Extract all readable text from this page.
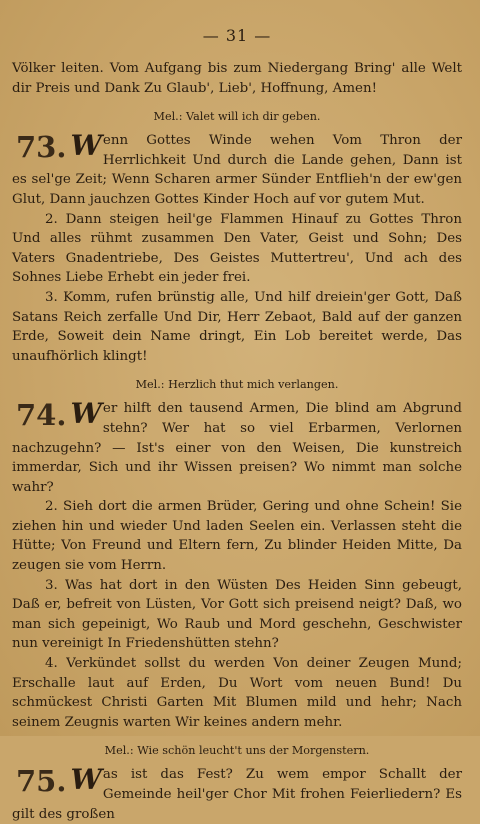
— 31 —

Völker leiten. Vom Aufgang bis zum Niedergang Bring' alle Welt dir Preis und Dank Zu Glaub', Lieb', Hoffnung, Amen!

Mel.: Valet will ich dir geben.

73. W enn Gottes Winde wehen Vom Thron der Herrlichkeit Und durch die Lande gehen, Dann ist es sel'ge Zeit; Wenn Scharen armer Sünder Entflieh'n der ew'gen Glut, Dann jauchzen Gottes Kinder Hoch auf vor gutem Mut.

2. Dann steigen heil'ge Flammen Hinauf zu Gottes Thron Und alles rühmt zusammen Den Vater, Geist und Sohn; Des Vaters Gnadentriebe, Des Geistes Muttertreu', Und ach des Sohnes Liebe Erhebt ein jeder frei.

3. Komm, rufen brünstig alle, Und hilf dreiein'ger Gott, Daß Satans Reich zerfalle Und Dir, Herr Zebaot, Bald auf der ganzen Erde, Soweit dein Name dringt, Ein Lob bereitet werde, Das unaufhörlich klingt!

Mel.: Herzlich thut mich verlangen.

74. W er hilft den tausend Armen, Die blind am Abgrund stehn? Wer hat so viel Erbarmen, Verlornen nachzugehn? — Ist's einer von den Weisen, Die kunstreich immerdar, Sich und ihr Wissen preisen? Wo nimmt man solche wahr?

2. Sieh dort die armen Brüder, Gering und ohne Schein! Sie ziehen hin und wieder Und laden Seelen ein. Verlassen steht die Hütte; Von Freund und Eltern fern, Zu blinder Heiden Mitte, Da zeugen sie vom Herrn.

3. Was hat dort in den Wüsten Des Heiden Sinn gebeugt, Daß er, befreit von Lüsten, Vor Gott sich preisend neigt? Daß, wo man sich gepeinigt, Wo Raub und Mord geschehn, Geschwister nun vereinigt In Friedenshütten stehn?

4. Verkündet sollst du werden Von deiner Zeugen Mund; Erschalle laut auf Erden, Du Wort vom neuen Bund! Du schmückest Christi Garten Mit Blumen mild und hehr; Nach seinem Zeugnis warten Wir keines andern mehr.

Mel.: Wie schön leucht't uns der Morgenstern.

75. W as ist das Fest? Zu wem empor Schallt der Gemeinde heil'ger Chor Mit frohen Feierliedern? Es gilt des großen
